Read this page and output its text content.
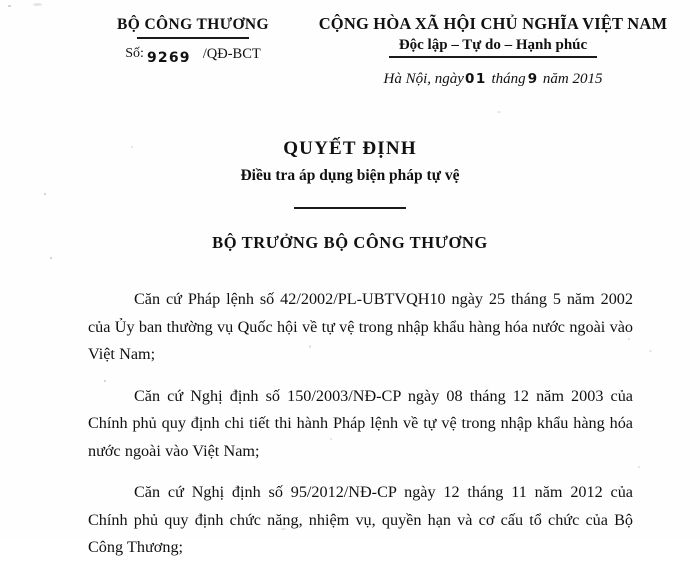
BỘ CÔNG THƯƠNG
Số: 9269 /QĐ-BCT
CỘNG HÒA XÃ HỘI CHỦ NGHĨA VIỆT NAM
Độc lập – Tự do – Hạnh phúc
Hà Nội, ngày01 tháng 9 năm 2015
QUYẾT ĐỊNH
Điều tra áp dụng biện pháp tự vệ
BỘ TRƯỞNG BỘ CÔNG THƯƠNG

Căn cứ Pháp lệnh số 42/2002/PL-UBTVQH10 ngày 25 tháng 5 năm 2002 của Ủy ban thường vụ Quốc hội về tự vệ trong nhập khẩu hàng hóa nước ngoài vào Việt Nam;

Căn cứ Nghị định số 150/2003/NĐ-CP ngày 08 tháng 12 năm 2003 của Chính phủ quy định chi tiết thi hành Pháp lệnh về tự vệ trong nhập khẩu hàng hóa nước ngoài vào Việt Nam;

Căn cứ Nghị định số 95/2012/NĐ-CP ngày 12 tháng 11 năm 2012 của Chính phủ quy định chức năng, nhiệm vụ, quyền hạn và cơ cấu tổ chức của Bộ Công Thương;
